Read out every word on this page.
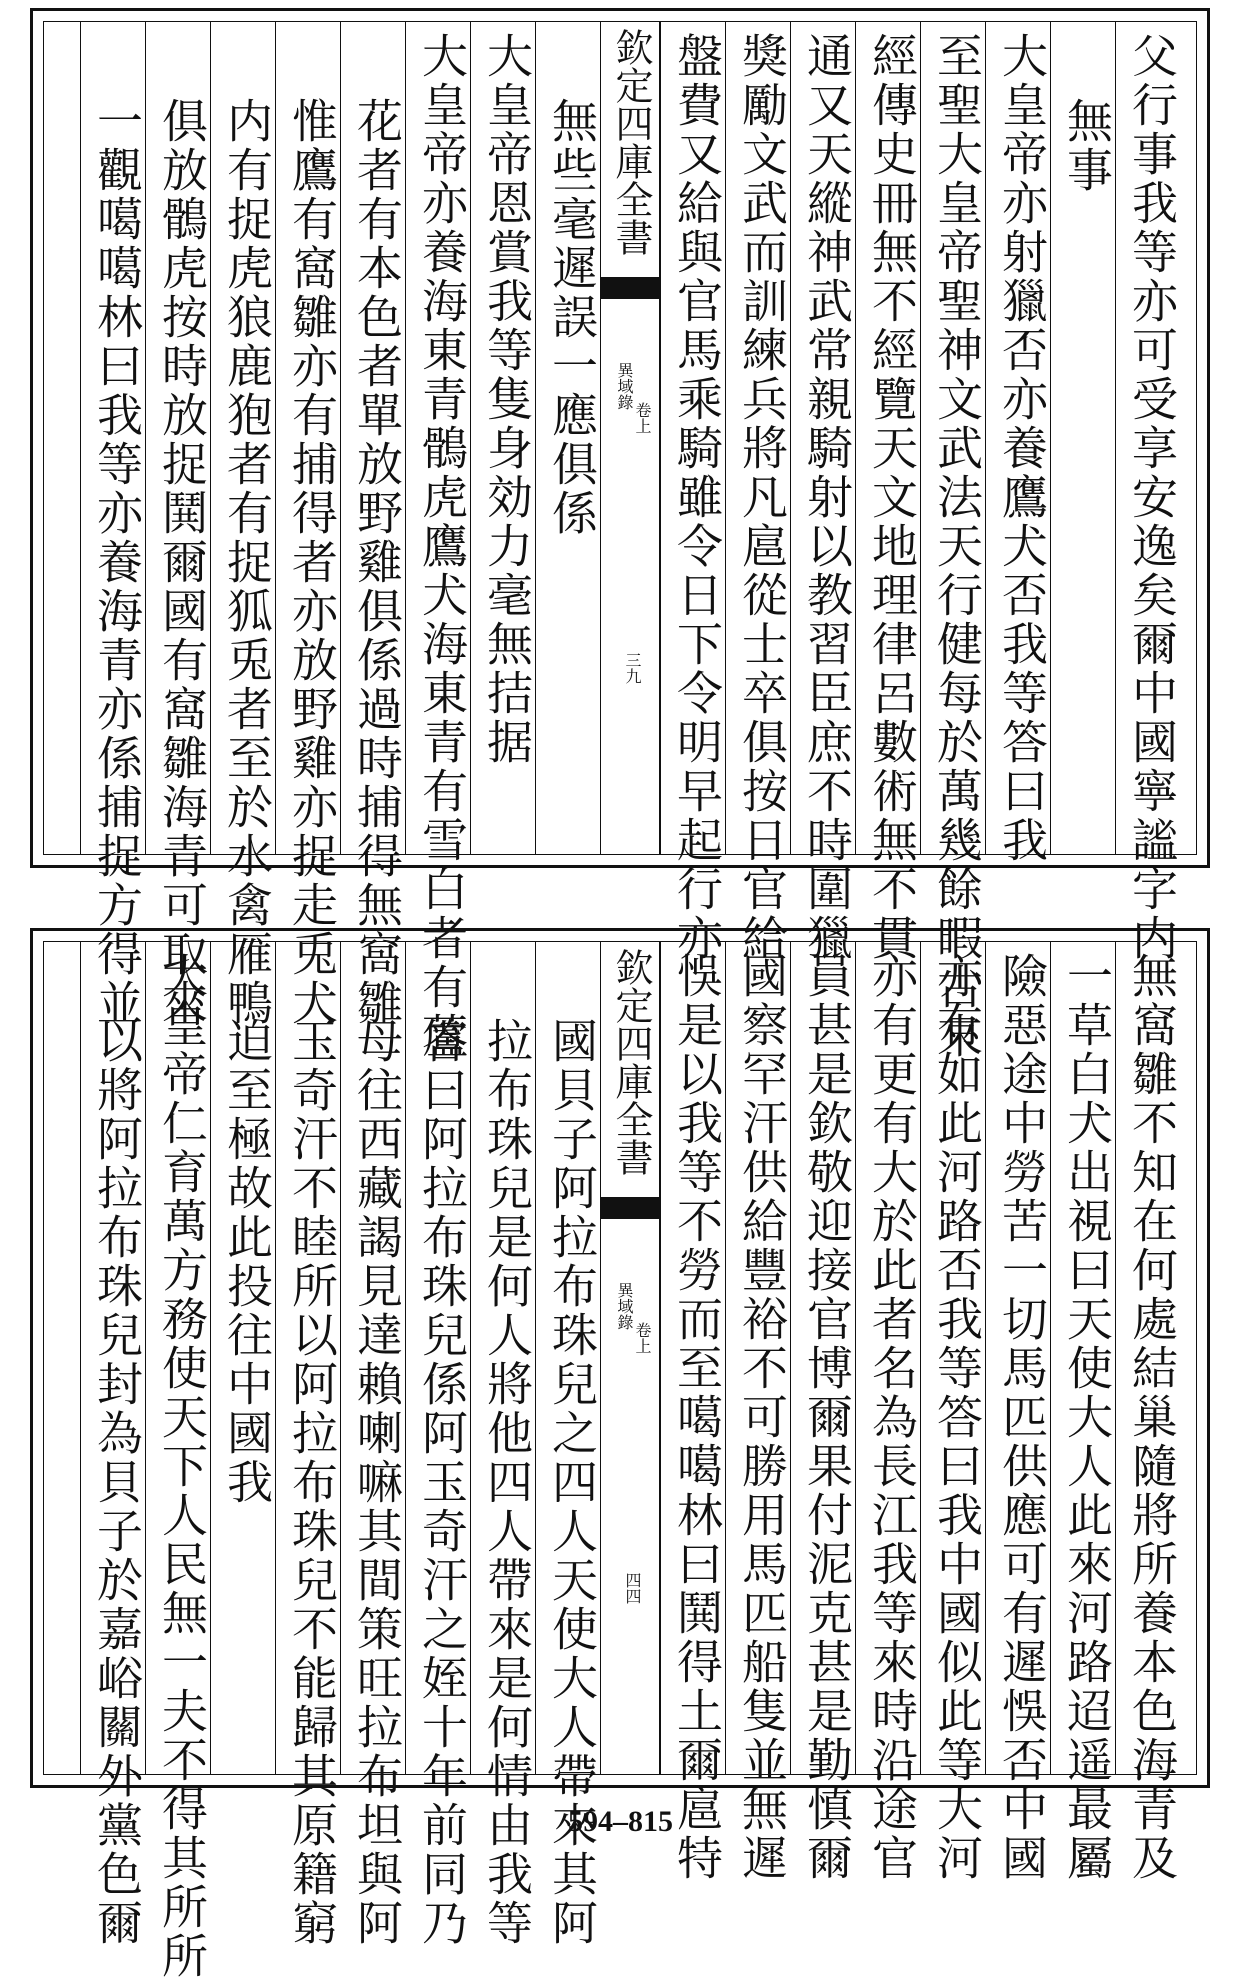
父行事我等亦可受享安逸矣爾中國寧謐字内
無事
大皇帝亦射獵否亦養鷹犬否我等答曰我
至聖大皇帝聖神文武法天行健每於萬幾餘暇古來
經傳史冊無不經覽天文地理律呂數術無不貫
通又天縱神武常親騎射以教習臣庶不時圍獵
獎勵文武而訓練兵將凡扈從士卒俱按日官給
盤費又給與官馬乘騎雖令日下令明早起行亦
欽定四庫全書
異域錄
卷上
三九
無些毫遲誤一應俱係
大皇帝恩賞我等隻身効力毫無拮据
大皇帝亦養海東青鶻虎鷹犬海東青有雪白者有蘆
花者有本色者單放野雞俱係過時捕得無窩雛
惟鷹有窩雛亦有捕得者亦放野雞亦捉走兎犬
内有捉虎狼鹿狍者有捉狐兎者至於水禽雁鴨
俱放鶻虎按時放捉鬨爾國有窩雛海青可取來
一觀噶噶林曰我等亦養海青亦係捕捉方得並
無窩雛不知在何處結巢隨將所養本色海青及
一草白犬出視曰天使大人此來河路迢遥最屬
險惡途中勞苦一切馬匹供應可有遲悞否中國
亦有如此河路否我等答曰我中國似此等大河
亦有更有大於此者名為長江我等來時沿途官
員甚是欽敬迎接官博爾果付泥克甚是勤慎爾
國察罕汗供給豐裕不可勝用馬匹船隻並無遲
悞是以我等不勞而至噶噶林曰鬨得土爾扈特
欽定四庫全書
異域錄
卷上
四四
國貝子阿拉布珠兒之四人天使大人帶來其阿
拉布珠兒是何人將他四人帶來是何情由我等
答曰阿拉布珠兒係阿玉奇汗之姪十年前同乃
母往西藏謁見達賴喇嘛其間策旺拉布坦與阿
玉奇汗不睦所以阿拉布珠兒不能歸其原籍窮
迫至極故此投往中國我
大皇帝仁育萬方務使天下人民無一夫不得其所所
以將阿拉布珠兒封為貝子於嘉峪關外黨色爾	594–815
